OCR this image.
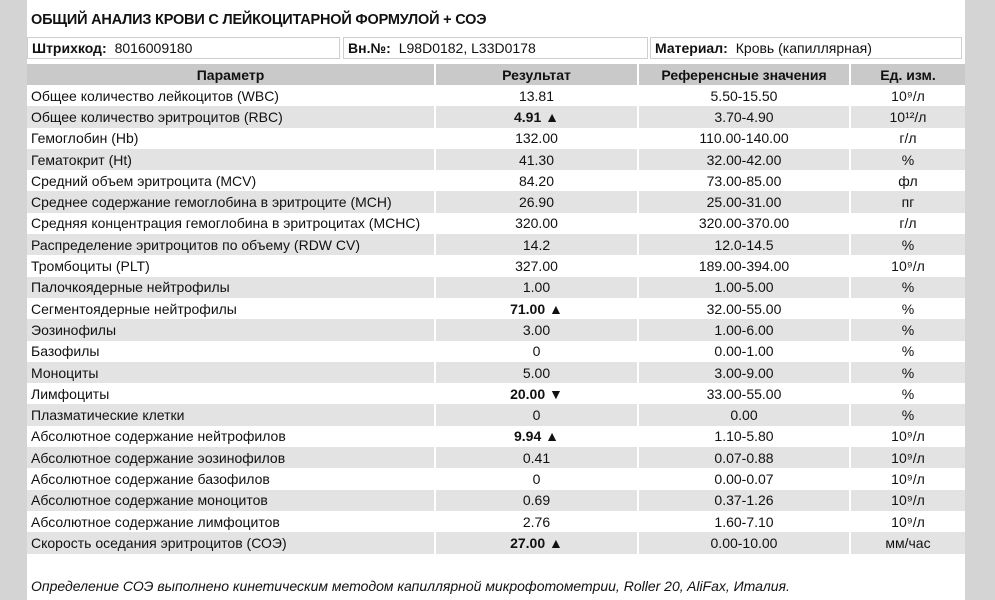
ОБЩИЙ АНАЛИЗ КРОВИ С ЛЕЙКОЦИТАРНОЙ ФОРМУЛОЙ + СОЭ
Штрихкод: 8016009180	Вн.№: L98D0182, L33D0178	Материал: Кровь (капиллярная)
Параметр	Результат	Референсные значения	Ед. изм.
Общее количество лейкоцитов (WBC)	13.81	5.50-15.50	10⁹/л
Общее количество эритроцитов (RBC)	4.91 ▲	3.70-4.90	10¹²/л
Гемоглобин (Hb)	132.00	110.00-140.00	г/л
Гематокрит (Ht)	41.30	32.00-42.00	%
Средний объем эритроцита (MCV)	84.20	73.00-85.00	фл
Среднее содержание гемоглобина в эритроците (MCH)	26.90	25.00-31.00	пг
Средняя концентрация гемоглобина в эритроцитах (MCHC)	320.00	320.00-370.00	г/л
Распределение эритроцитов по объему (RDW CV)	14.2	12.0-14.5	%
Тромбоциты (PLT)	327.00	189.00-394.00	10⁹/л
Палочкоядерные нейтрофилы	1.00	1.00-5.00	%
Сегментоядерные нейтрофилы	71.00 ▲	32.00-55.00	%
Эозинофилы	3.00	1.00-6.00	%
Базофилы	0	0.00-1.00	%
Моноциты	5.00	3.00-9.00	%
Лимфоциты	20.00 ▼	33.00-55.00	%
Плазматические клетки	0	0.00	%
Абсолютное содержание нейтрофилов	9.94 ▲	1.10-5.80	10⁹/л
Абсолютное содержание эозинофилов	0.41	0.07-0.88	10⁹/л
Абсолютное содержание базофилов	0	0.00-0.07	10⁹/л
Абсолютное содержание моноцитов	0.69	0.37-1.26	10⁹/л
Абсолютное содержание лимфоцитов	2.76	1.60-7.10	10⁹/л
Скорость оседания эритроцитов (СОЭ)	27.00 ▲	0.00-10.00	мм/час
Определение СОЭ выполнено кинетическим методом капиллярной микрофотометрии, Roller 20, AliFax, Италия.
